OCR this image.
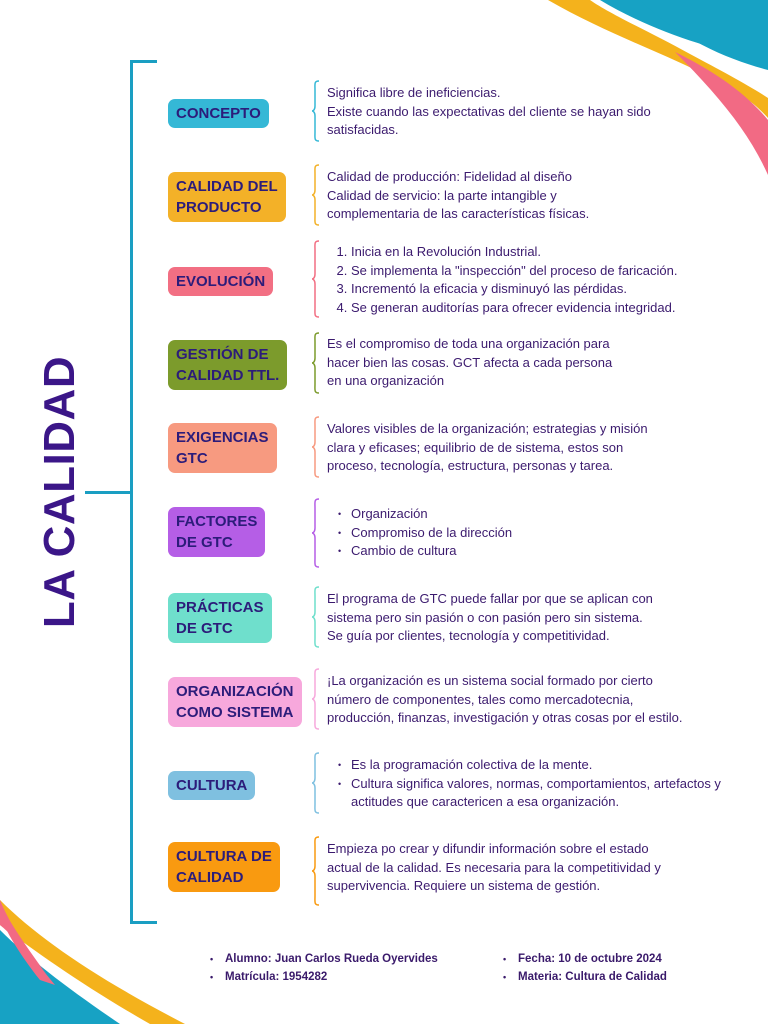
LA CALIDAD
CONCEPTO

Significa libre de ineficiencias.

Existe cuando las expectativas del cliente se hayan sido

satisfacidas.

CALIDAD DEL
PRODUCTO

Calidad de producción: Fidelidad al diseño

Calidad de servicio: la parte intangible y

complementaria de las características físicas.

EVOLUCIÓN
1. Inicia en la Revolución Industrial.
2. Se implementa la "inspección" del proceso de faricación.
3. Incrementó la eficacia y disminuyó las pérdidas.
4. Se generan auditorías para ofrecer evidencia integridad.
GESTIÓN DE
CALIDAD TTL.

Es el compromiso de toda una organización para

hacer bien las cosas. GCT afecta a cada persona

en una organización

EXIGENCIAS
GTC

Valores visibles de la organización; estrategias y misión

clara y eficases; equilibrio de de sistema, estos son

proceso, tecnología, estructura, personas y tarea.

FACTORES
DE GTC
• Organización
• Compromiso de la dirección
• Cambio de cultura
PRÁCTICAS
DE GTC

El programa de GTC puede fallar por que se aplican con

sistema pero sin pasión o con pasión pero sin sistema.

Se guía por clientes, tecnología y competitividad.

ORGANIZACIÓN
COMO SISTEMA

¡La organización es un sistema social formado por cierto

número de componentes, tales como mercadotecnia,

producción, finanzas, investigación y otras cosas por el estilo.

CULTURA
• Es la programación colectiva de la mente.
• Cultura significa valores, normas, comportamientos, artefactos y actitudes que caractericen a esa organización.
CULTURA DE
CALIDAD

Empieza po crear y difundir información sobre el estado

actual de la calidad. Es necesaria para la competitividad y

supervivencia. Requiere un sistema de gestión.

• Alumno: Juan Carlos Rueda Oyervides
• Matrícula: 1954282
• Fecha: 10 de octubre 2024
• Materia: Cultura de Calidad
